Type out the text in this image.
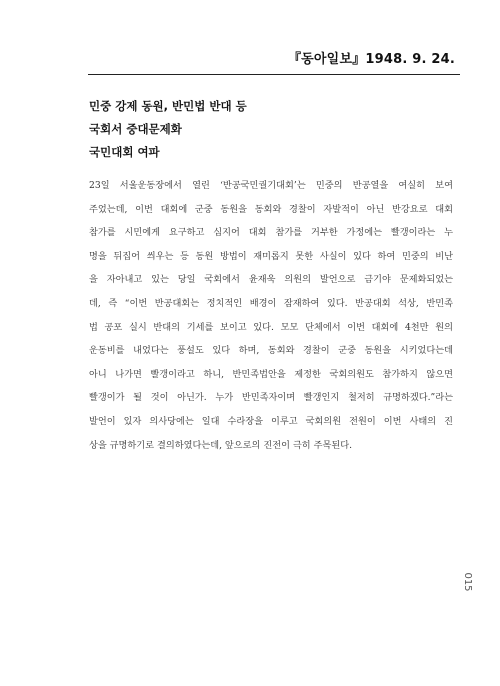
『동아일보』1948. 9. 24.
민중 강제 동원, 반민법 반대 등
국회서 중대문제화
국민대회 여파
23일 서울운동장에서 열린 ‘반공국민궐기대회’는 민중의 반공열을 여실히 보여
주었는데, 이번 대회에 군중 동원을 동회와 경찰이 자발적이 아닌 반강요로 대회
참가를 시민에게 요구하고 심지어 대회 참가를 거부한 가정에는 빨갱이라는 누
명을 뒤집어 씌우는 등 동원 방법이 재미롭지 못한 사실이 있다 하여 민중의 비난
을 자아내고 있는 당일 국회에서 윤재욱 의원의 발언으로 금기야 문제화되었는
데, 즉 “이번 반공대회는 정치적인 배경이 잠재하여 있다. 반공대회 석상, 반민족
법 공포 실시 반대의 기세를 보이고 있다. 모모 단체에서 이번 대회에 4천만 원의
운동비를 내었다는 풍설도 있다 하며, 동회와 경찰이 군중 동원을 시키었다는데
아니 나가면 빨갱이라고 하니, 반민족법안을 제정한 국회의원도 참가하지 않으면
빨갱이가 될 것이 아닌가. 누가 반민족자이며 빨갱인지 철저히 규명하겠다.”라는
발언이 있자 의사당에는 일대 수라장을 이루고 국회의원 전원이 이번 사태의 진
상을 규명하기로 결의하였다는데, 앞으로의 진전이 극히 주목된다.
015
